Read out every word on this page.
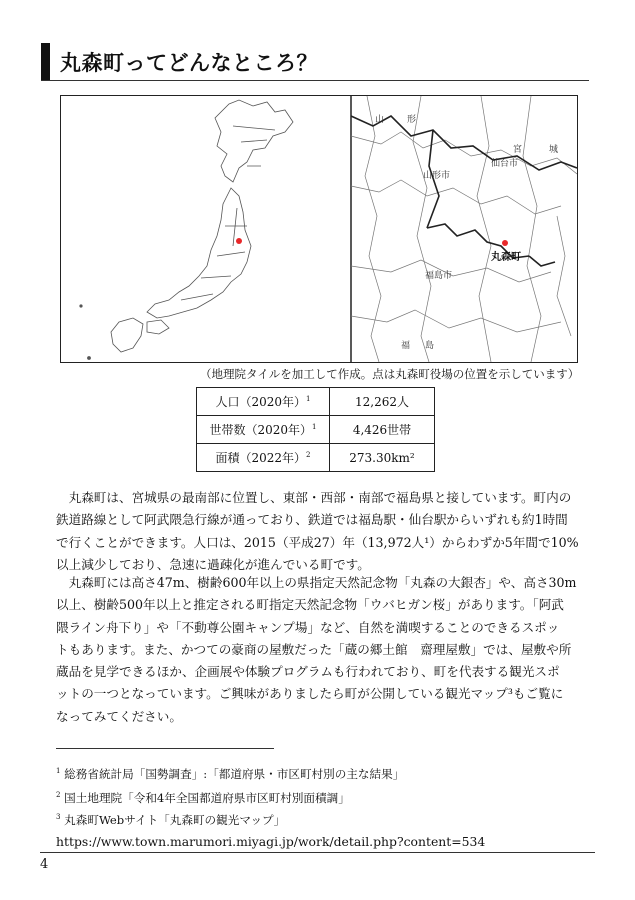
丸森町ってどんなところ？
山	形
宮	城
仙台市
山形市
福島市
福 島
丸森町
（地理院タイルを加工して作成。点は丸森町役場の位置を示しています）
人口（2020年）$^1$	12,262人
世帯数（2020年）$^1$	4,426世帯
面積（2022年）$^2$	273.30km²
　丸森町は、宮城県の最南部に位置し、東部・西部・南部で福島県と接しています。町内の
鉄道路線として阿武隈急行線が通っており、鉄道では福島駅・仙台駅からいずれも約1時間
で行くことができます。人口は、2015（平成27）年（13,972人¹）からわずか5年間で10%
以上減少しており、急速に過疎化が進んでいる町です。
　丸森町には高さ47m、樹齢600年以上の県指定天然記念物「丸森の大銀杏」や、高さ30m
以上、樹齢500年以上と推定される町指定天然記念物「ウバヒガン桜」があります。「阿武
隈ライン舟下り」や「不動尊公園キャンプ場」など、自然を満喫することのできるスポッ
トもあります。また、かつての豪商の屋敷だった「蔵の郷土館　齋理屋敷」では、屋敷や所
蔵品を見学できるほか、企画展や体験プログラムも行われており、町を代表する観光スポ
ットの一つとなっています。ご興味がありましたら町が公開している観光マップ³もご覧に
なってみてください。
$^1$ 総務省統計局「国勢調査」:「都道府県・市区町村別の主な結果」
$^2$ 国土地理院「令和4年全国都道府県市区町村別面積調」
$^3$ 丸森町Webサイト「丸森町の観光マップ」
https://www.town.marumori.miyagi.jp/work/detail.php?content=534
4
